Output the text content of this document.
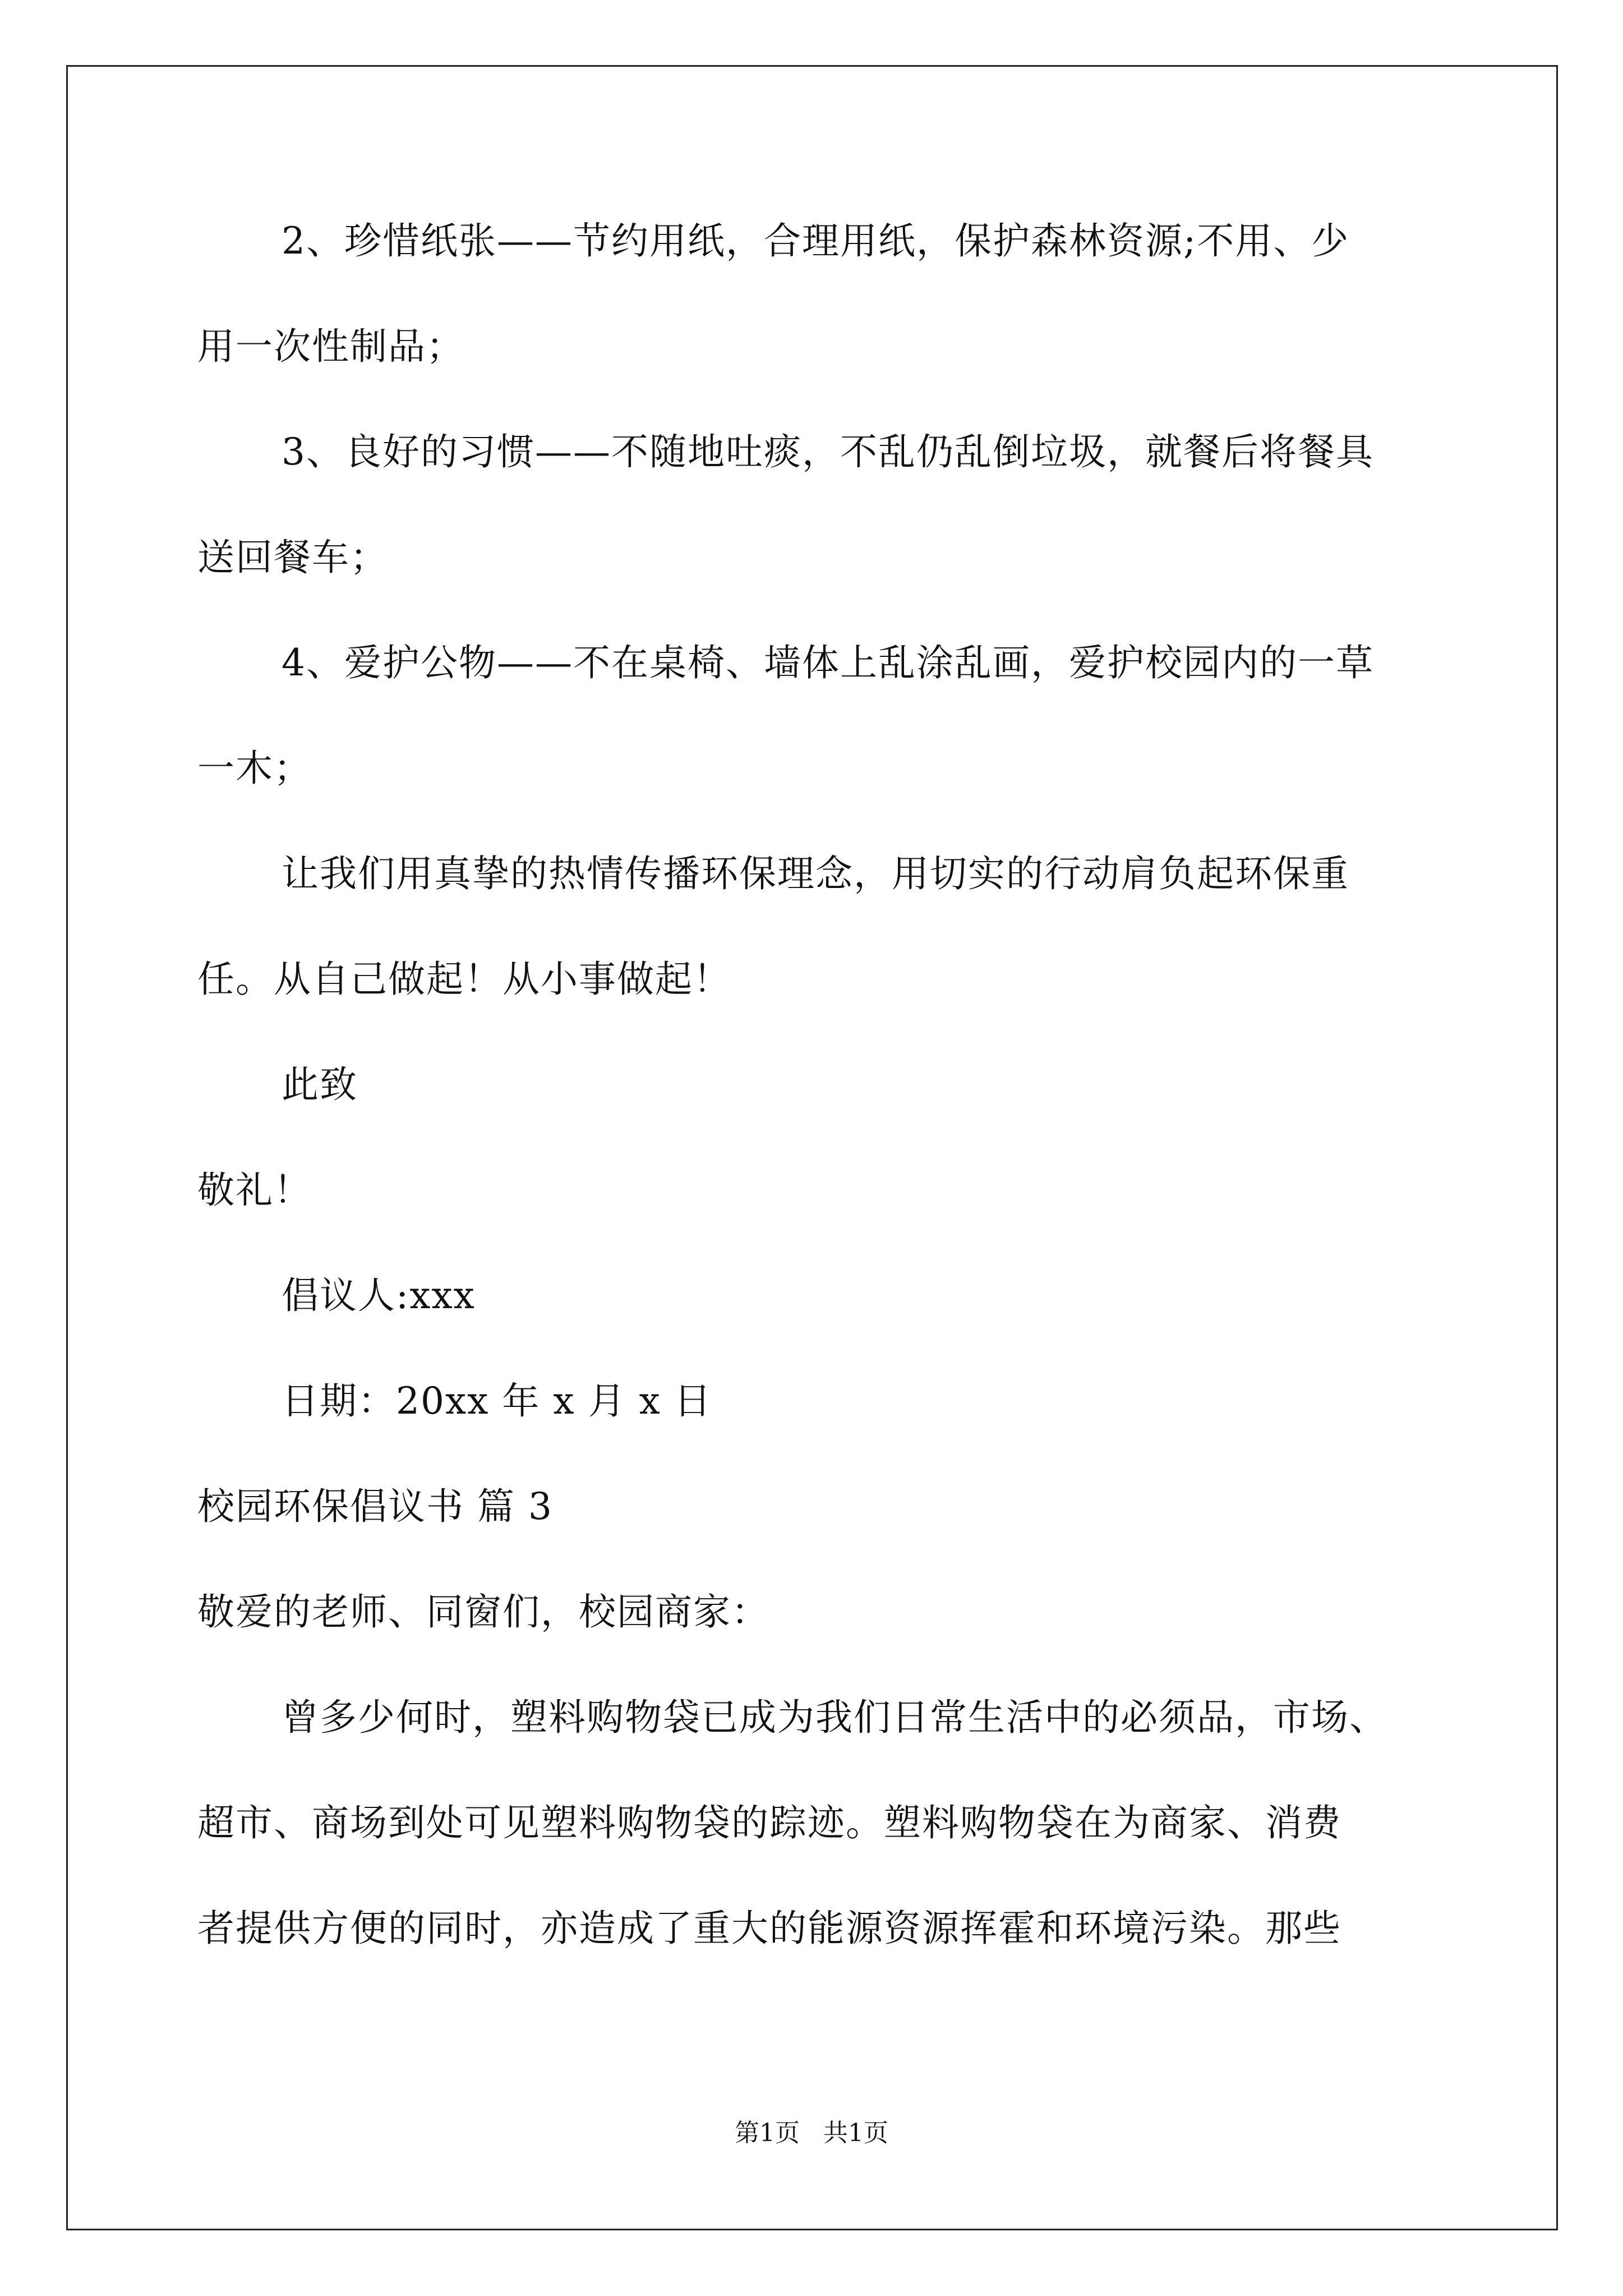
2、珍惜纸张——节约用纸，合理用纸，保护森林资源;不用、少
用一次性制品；
3、良好的习惯——不随地吐痰，不乱仍乱倒垃圾，就餐后将餐具
送回餐车；
4、爱护公物——不在桌椅、墙体上乱涂乱画，爱护校园内的一草
一木；
让我们用真挚的热情传播环保理念，用切实的行动肩负起环保重
任。从自己做起！从小事做起！
此致
敬礼！
倡议人:xxx
日期：20xx 年 x 月 x 日
校园环保倡议书 篇 3
敬爱的老师、同窗们，校园商家：
曾多少何时，塑料购物袋已成为我们日常生活中的必须品，市场、
超市、商场到处可见塑料购物袋的踪迹。塑料购物袋在为商家、消费
者提供方便的同时，亦造成了重大的能源资源挥霍和环境污染。那些
第1页   共1页
